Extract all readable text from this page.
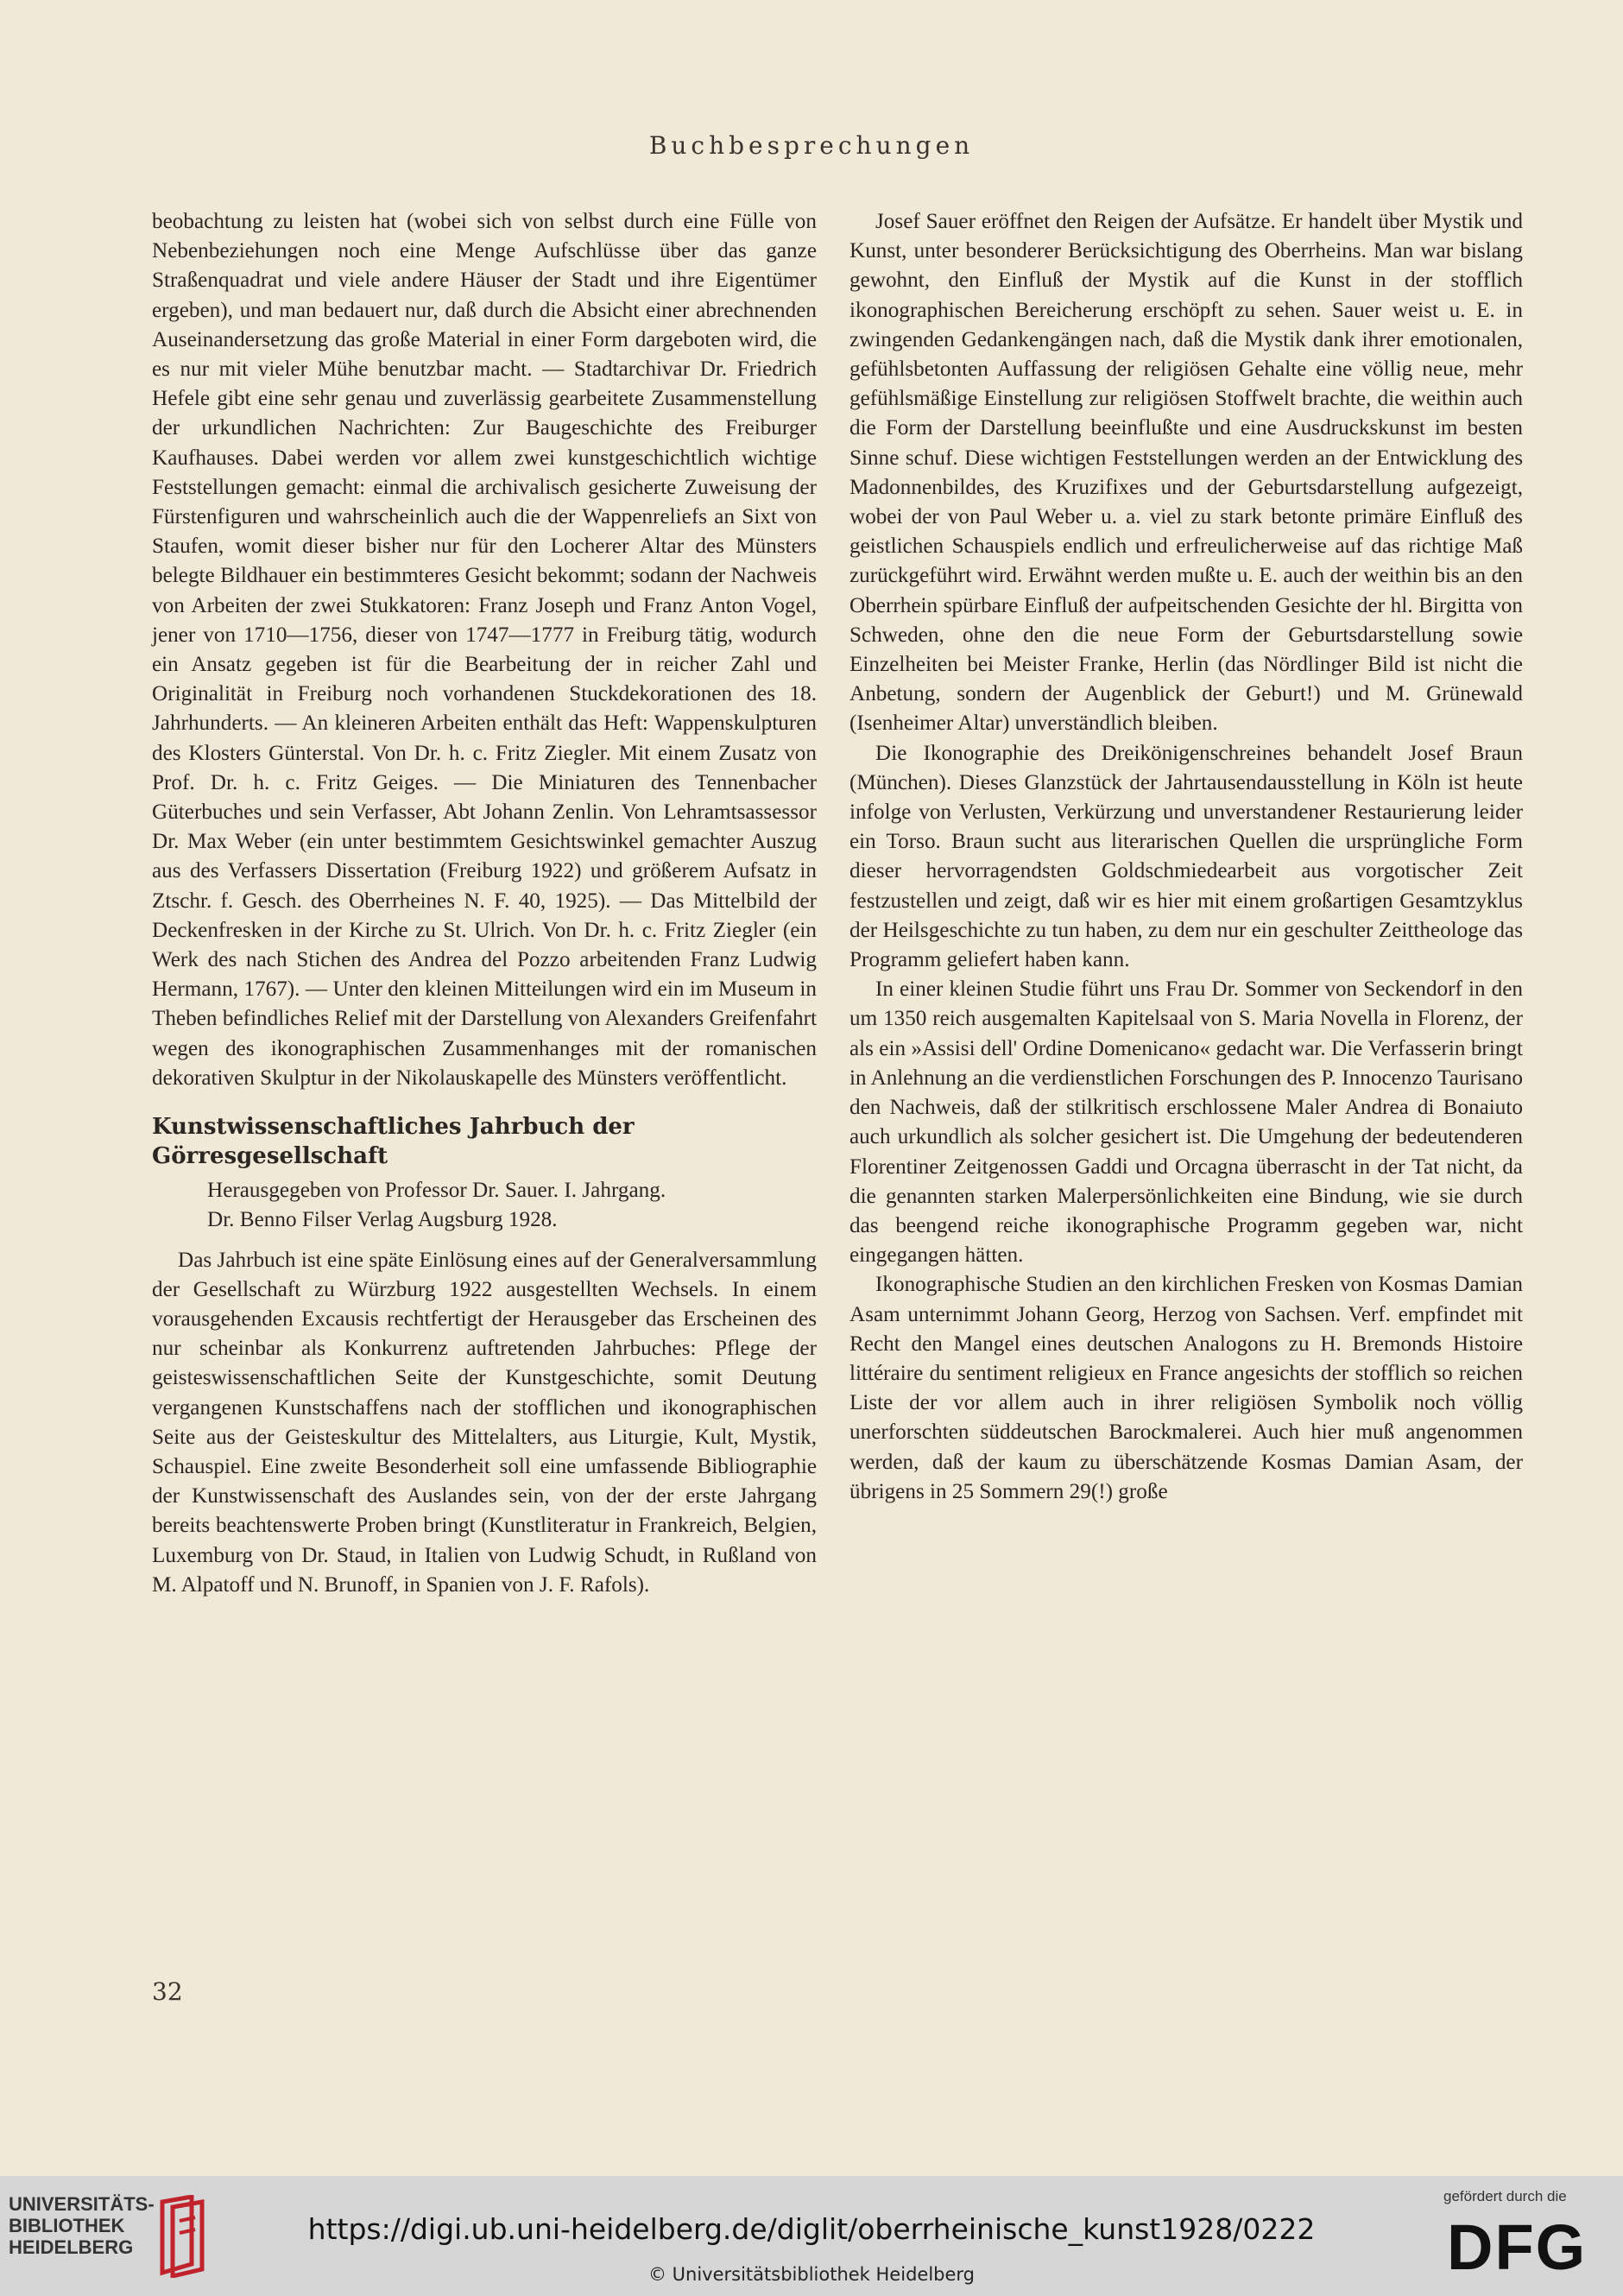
Buchbesprechungen

beobachtung zu leisten hat (wobei sich von selbst durch eine Fülle von Nebenbeziehungen noch eine Menge Aufschlüsse über das ganze Straßenquadrat und viele andere Häuser der Stadt und ihre Eigentümer ergeben), und man bedauert nur, daß durch die Absicht einer abrechnenden Auseinandersetzung das große Material in einer Form dargeboten wird, die es nur mit vieler Mühe benutzbar macht. — Stadtarchivar Dr. Friedrich Hefele gibt eine sehr genau und zuverlässig gearbeitete Zusammenstellung der urkundlichen Nachrichten: Zur Baugeschichte des Freiburger Kaufhauses. Dabei werden vor allem zwei kunstgeschichtlich wichtige Feststellungen gemacht: einmal die archivalisch gesicherte Zuweisung der Fürstenfiguren und wahrscheinlich auch die der Wappenreliefs an Sixt von Staufen, womit dieser bisher nur für den Locherer Altar des Münsters belegte Bildhauer ein bestimmteres Gesicht bekommt; sodann der Nachweis von Arbeiten der zwei Stukkatoren: Franz Joseph und Franz Anton Vogel, jener von 1710—1756, dieser von 1747—1777 in Freiburg tätig, wodurch ein Ansatz gegeben ist für die Bearbeitung der in reicher Zahl und Originalität in Freiburg noch vorhandenen Stuckdekorationen des 18. Jahrhunderts. — An kleineren Arbeiten enthält das Heft: Wappenskulpturen des Klosters Günterstal. Von Dr. h. c. Fritz Ziegler. Mit einem Zusatz von Prof. Dr. h. c. Fritz Geiges. — Die Miniaturen des Tennenbacher Güterbuches und sein Verfasser, Abt Johann Zenlin. Von Lehramtsassessor Dr. Max Weber (ein unter bestimmtem Gesichtswinkel gemachter Auszug aus des Verfassers Dissertation (Freiburg 1922) und größerem Aufsatz in Ztschr. f. Gesch. des Oberrheines N. F. 40, 1925). — Das Mittelbild der Deckenfresken in der Kirche zu St. Ulrich. Von Dr. h. c. Fritz Ziegler (ein Werk des nach Stichen des Andrea del Pozzo arbeitenden Franz Ludwig Hermann, 1767). — Unter den kleinen Mitteilungen wird ein im Museum in Theben befindliches Relief mit der Darstellung von Alexanders Greifenfahrt wegen des ikonographischen Zusammenhanges mit der romanischen dekorativen Skulptur in der Nikolauskapelle des Münsters veröffentlicht.

Kunstwissenschaftliches Jahrbuch der Görresgesellschaft
Herausgegeben von Professor Dr. Sauer. I. Jahrgang.
Dr. Benno Filser Verlag Augsburg 1928.

Das Jahrbuch ist eine späte Einlösung eines auf der Generalversammlung der Gesellschaft zu Würzburg 1922 ausgestellten Wechsels. In einem vorausgehenden Excausis rechtfertigt der Herausgeber das Erscheinen des nur scheinbar als Konkurrenz auftretenden Jahrbuches: Pflege der geisteswissenschaftlichen Seite der Kunstgeschichte, somit Deutung vergangenen Kunstschaffens nach der stofflichen und ikonographischen Seite aus der Geisteskultur des Mittelalters, aus Liturgie, Kult, Mystik, Schauspiel. Eine zweite Besonderheit soll eine umfassende Bibliographie der Kunstwissenschaft des Auslandes sein, von der der erste Jahrgang bereits beachtenswerte Proben bringt (Kunstliteratur in Frankreich, Belgien, Luxemburg von Dr. Staud, in Italien von Ludwig Schudt, in Rußland von M. Alpatoff und N. Brunoff, in Spanien von J. F. Rafols).

Josef Sauer eröffnet den Reigen der Aufsätze. Er handelt über Mystik und Kunst, unter besonderer Berücksichtigung des Oberrheins. Man war bislang gewohnt, den Einfluß der Mystik auf die Kunst in der stofflich ikonographischen Bereicherung erschöpft zu sehen. Sauer weist u. E. in zwingenden Gedankengängen nach, daß die Mystik dank ihrer emotionalen, gefühlsbetonten Auffassung der religiösen Gehalte eine völlig neue, mehr gefühlsmäßige Einstellung zur religiösen Stoffwelt brachte, die weithin auch die Form der Darstellung beeinflußte und eine Ausdruckskunst im besten Sinne schuf. Diese wichtigen Feststellungen werden an der Entwicklung des Madonnenbildes, des Kruzifixes und der Geburtsdarstellung aufgezeigt, wobei der von Paul Weber u. a. viel zu stark betonte primäre Einfluß des geistlichen Schauspiels endlich und erfreulicherweise auf das richtige Maß zurückgeführt wird. Erwähnt werden mußte u. E. auch der weithin bis an den Oberrhein spürbare Einfluß der aufpeitschenden Gesichte der hl. Birgitta von Schweden, ohne den die neue Form der Geburtsdarstellung sowie Einzelheiten bei Meister Franke, Herlin (das Nördlinger Bild ist nicht die Anbetung, sondern der Augenblick der Geburt!) und M. Grünewald (Isenheimer Altar) unverständlich bleiben.

Die Ikonographie des Dreikönigenschreines behandelt Josef Braun (München). Dieses Glanzstück der Jahrtausendausstellung in Köln ist heute infolge von Verlusten, Verkürzung und unverstandener Restaurierung leider ein Torso. Braun sucht aus literarischen Quellen die ursprüngliche Form dieser hervorragendsten Goldschmiedearbeit aus vorgotischer Zeit festzustellen und zeigt, daß wir es hier mit einem großartigen Gesamtzyklus der Heilsgeschichte zu tun haben, zu dem nur ein geschulter Zeittheologe das Programm geliefert haben kann.

In einer kleinen Studie führt uns Frau Dr. Sommer von Seckendorf in den um 1350 reich ausgemalten Kapitelsaal von S. Maria Novella in Florenz, der als ein »Assisi dell' Ordine Domenicano« gedacht war. Die Verfasserin bringt in Anlehnung an die verdienstlichen Forschungen des P. Innocenzo Taurisano den Nachweis, daß der stilkritisch erschlossene Maler Andrea di Bonaiuto auch urkundlich als solcher gesichert ist. Die Umgehung der bedeutenderen Florentiner Zeitgenossen Gaddi und Orcagna überrascht in der Tat nicht, da die genannten starken Malerpersönlichkeiten eine Bindung, wie sie durch das beengend reiche ikonographische Programm gegeben war, nicht eingegangen hätten.

Ikonographische Studien an den kirchlichen Fresken von Kosmas Damian Asam unternimmt Johann Georg, Herzog von Sachsen. Verf. empfindet mit Recht den Mangel eines deutschen Analogons zu H. Bremonds Histoire littéraire du sentiment religieux en France angesichts der stofflich so reichen Liste der vor allem auch in ihrer religiösen Symbolik noch völlig unerforschten süddeutschen Barockmalerei. Auch hier muß angenommen werden, daß der kaum zu überschätzende Kosmas Damian Asam, der übrigens in 25 Sommern 29(!) große

32
UNIVERSITÄTS-
BIBLIOTHEK
HEIDELBERG
https://digi.ub.uni-heidelberg.de/diglit/oberrheinische_kunst1928/0222
© Universitätsbibliothek Heidelberg
gefördert durch die
DFG
